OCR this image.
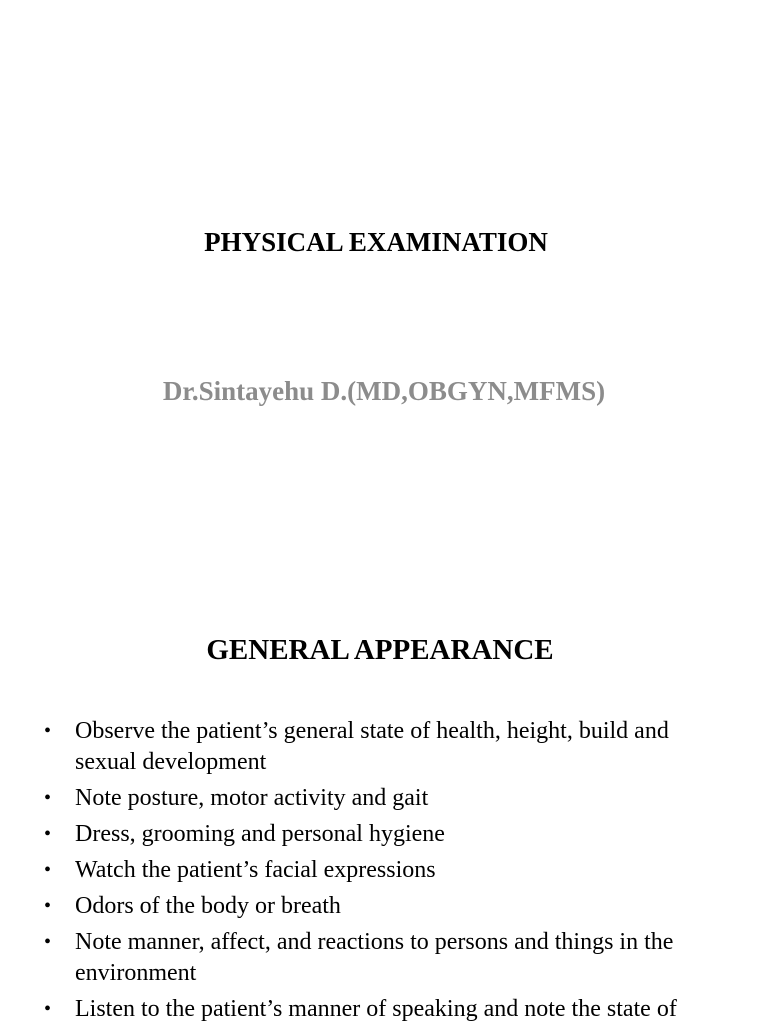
PHYSICAL EXAMINATION

Dr.Sintayehu D.(MD,OBGYN,MFMS)

GENERAL APPEARANCE
• Observe the patient’s general state of health, height, build and sexual development
• Note posture, motor activity and gait
• Dress, grooming and personal hygiene
• Watch the patient’s facial expressions
• Odors of the body or breath
• Note manner, affect, and reactions to persons and things in the environment
• Listen to the patient’s manner of speaking and note the state of
